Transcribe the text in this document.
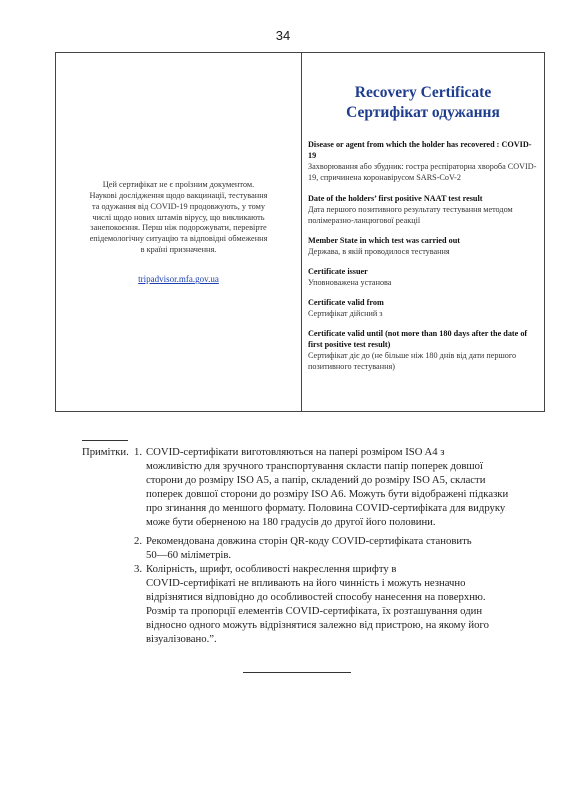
34
Цей сертифікат не є проїзним документом. Наукові дослідження щодо вакцинації, тестування та одужання від COVID-19 продовжують, у тому числі щодо нових штамів вірусу, що викликають занепокоєння. Перш ніж подорожувати, перевірте епідемологічну ситуацію та відповідні обмеження в країні призначення.
tripadvisor.mfa.gov.ua
Recovery Certificate
Сертифікат одужання
Disease or agent from which the holder has recovered : COVID-19
Захворювання або збудник: гостра респіраторна хвороба COVID-19, спричинена коронавірусом SARS-CoV-2
Date of the holders’ first positive NAAT test result
Дата першого позитивного результату тестування методом полімеразно-ланцюгової реакції
Member State in which test was carried out
Держава, в якій проводилося тестування
Certificate issuer
Уповноважена установа
Certificate valid from
Сертифікат дійсний з
Certificate valid until (not more than 180 days after the date of first positive test result)
Сертифікат діє до (не більше ніж 180 днів від дати першого позитивного тестування)
Примітки. 1. COVID-сертифікати виготовляються на папері розміром ISO A4 з
можливістю для зручного транспортування скласти папір поперек довшої сторони до розміру ISO A5, а папір, складений до розміру ISO A5, скласти поперек довшої сторони до розміру ISO A6. Можуть бути відображені підказки про згинання до меншого формату. Половина COVID-сертифіката для видруку може бути оберненою на 180 градусів до другої його половини.
2. Рекомендована довжина сторін QR-коду COVID-сертифіката становить
50—60 міліметрів.
3. Колірність, шрифт, особливості накреслення шрифту в
COVID-сертифікаті не впливають на його чинність і можуть незначно відрізнятися відповідно до особливостей способу нанесення на поверхню. Розмір та пропорції елементів COVID-сертифіката, їх розташування один відносно одного можуть відрізнятися залежно від пристрою, на якому його візуалізовано.”.
